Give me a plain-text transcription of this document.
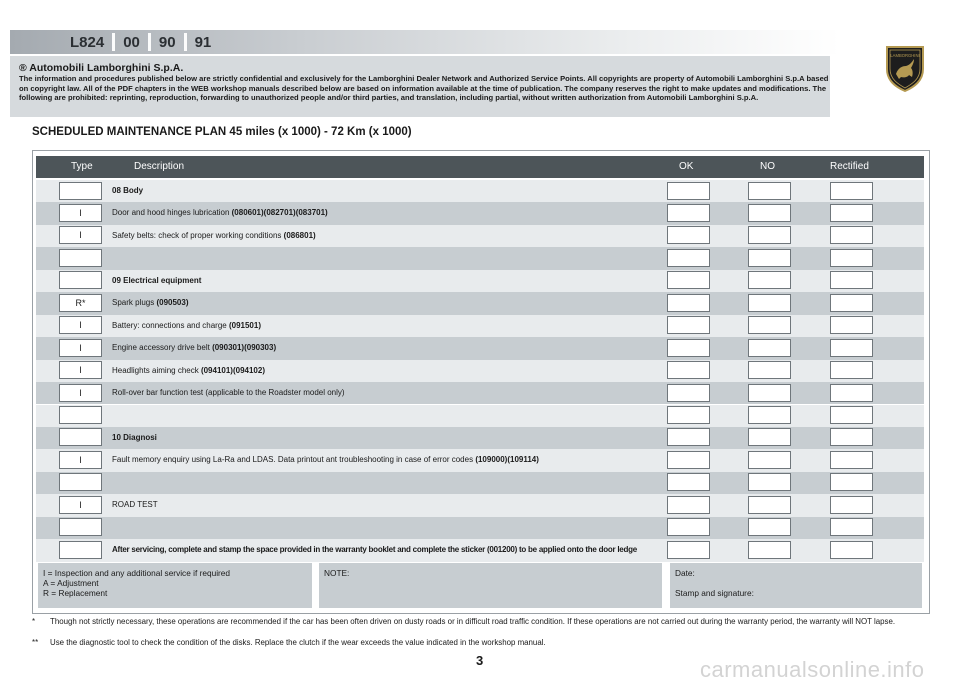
L824	00	90	91
LAMBORGHINI
® Automobili Lamborghini S.p.A.
The information and procedures published below are strictly confidential and exclusively for the Lamborghini Dealer Network and Authorized Service Points. All copyrights are property of Automobili Lamborghini S.p.A based on copyright law. All of the PDF chapters in the WEB workshop manuals described below are based on information available at the time of publication. The company reserves the right to make updates and modifications. The following are prohibited: reprinting, reproduction, forwarding to unauthorized people and/or third parties, and translation, including partial, without written authorization from Automobili Lamborghini S.p.A.
SCHEDULED MAINTENANCE PLAN 45 miles (x 1000) - 72 Km (x 1000)
Type	Description	OK	NO	Rectified
08 Body
I	Door and hood hinges lubrication (080601)(082701)(083701)
I	Safety belts: check of proper working conditions (086801)
09 Electrical equipment
R*	Spark plugs (090503)
I	Battery: connections and charge (091501)
I	Engine accessory drive belt (090301)(090303)
I	Headlights aiming check (094101)(094102)
I	Roll-over bar function test (applicable to the Roadster model only)
10 Diagnosi
I	Fault memory enquiry using La-Ra and LDAS. Data printout ant troubleshooting in case of error codes (109000)(109114)
I	ROAD TEST
After servicing, complete and stamp the space provided in the warranty booklet and complete the sticker (001200) to be applied onto the door ledge
I = Inspection and any additional service if required
A = Adjustment
R = Replacement
NOTE:	Date:
Stamp and signature:
* Though not strictly necessary, these operations are recommended if the car has been often driven on dusty roads or in difficult road traffic condition. If these operations are not carried out during the warranty period, the warranty will NOT lapse.
** Use the diagnostic tool to check the condition of the disks. Replace the clutch if the wear exceeds the value indicated in the workshop manual.
3	carmanualsonline.info
